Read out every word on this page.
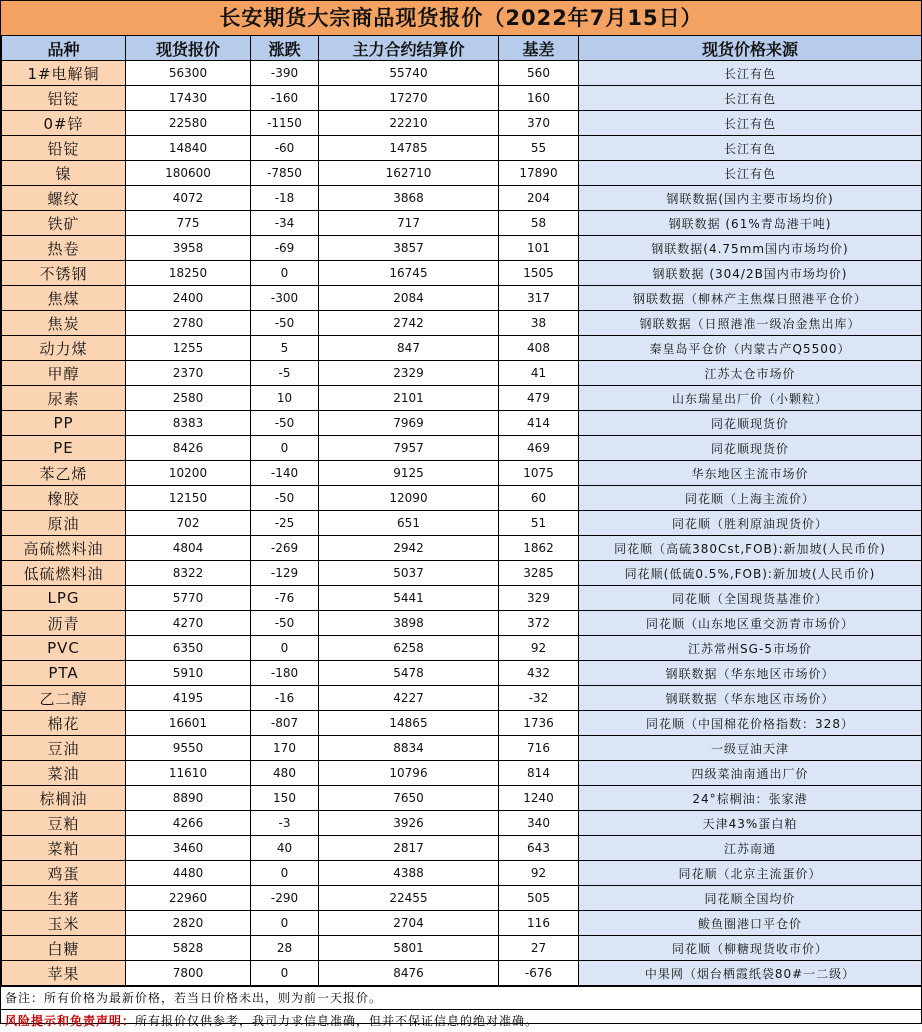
长安期货大宗商品现货报价（2022年7月15日）
品种	现货报价	涨跌	主力合约结算价	基差	现货价格来源
1#电解铜	56300	-390	55740	560	长江有色
铝锭	17430	-160	17270	160	长江有色
0#锌	22580	-1150	22210	370	长江有色
铅锭	14840	-60	14785	55	长江有色
镍	180600	-7850	162710	17890	长江有色
螺纹	4072	-18	3868	204	钢联数据(国内主要市场均价)
铁矿	775	-34	717	58	钢联数据 (61%青岛港干吨)
热卷	3958	-69	3857	101	钢联数据(4.75mm国内市场均价)
不锈钢	18250	0	16745	1505	钢联数据 (304/2B国内市场均价)
焦煤	2400	-300	2084	317	钢联数据（柳林产主焦煤日照港平仓价）
焦炭	2780	-50	2742	38	钢联数据（日照港准一级冶金焦出库）
动力煤	1255	5	847	408	秦皇岛平仓价（内蒙古产Q5500）
甲醇	2370	-5	2329	41	江苏太仓市场价
尿素	2580	10	2101	479	山东瑞星出厂价（小颗粒）
PP	8383	-50	7969	414	同花顺现货价
PE	8426	0	7957	469	同花顺现货价
苯乙烯	10200	-140	9125	1075	华东地区主流市场价
橡胶	12150	-50	12090	60	同花顺（上海主流价）
原油	702	-25	651	51	同花顺（胜利原油现货价）
高硫燃料油	4804	-269	2942	1862	同花顺（高硫380Cst,FOB):新加坡(人民币价)
低硫燃料油	8322	-129	5037	3285	同花顺(低硫0.5%,FOB):新加坡(人民币价)
LPG	5770	-76	5441	329	同花顺（全国现货基准价）
沥青	4270	-50	3898	372	同花顺（山东地区重交沥青市场价）
PVC	6350	0	6258	92	江苏常州SG-5市场价
PTA	5910	-180	5478	432	钢联数据（华东地区市场价）
乙二醇	4195	-16	4227	-32	钢联数据（华东地区市场价）
棉花	16601	-807	14865	1736	同花顺（中国棉花价格指数：328）
豆油	9550	170	8834	716	一级豆油天津
菜油	11610	480	10796	814	四级菜油南通出厂价
棕榈油	8890	150	7650	1240	24°棕榈油：张家港
豆粕	4266	-3	3926	340	天津43%蛋白粕
菜粕	3460	40	2817	643	江苏南通
鸡蛋	4480	0	4388	92	同花顺（北京主流蛋价）
生猪	22960	-290	22455	505	同花顺全国均价
玉米	2820	0	2704	116	鲅鱼圈港口平仓价
白糖	5828	28	5801	27	同花顺（柳糖现货收市价）
苹果	7800	0	8476	-676	中果网（烟台栖霞纸袋80#一二级）
备注：所有价格为最新价格，若当日价格未出，则为前一天报价。
风险提示和免责声明：所有报价仅供参考，我司力求信息准确，但并不保证信息的绝对准确。
